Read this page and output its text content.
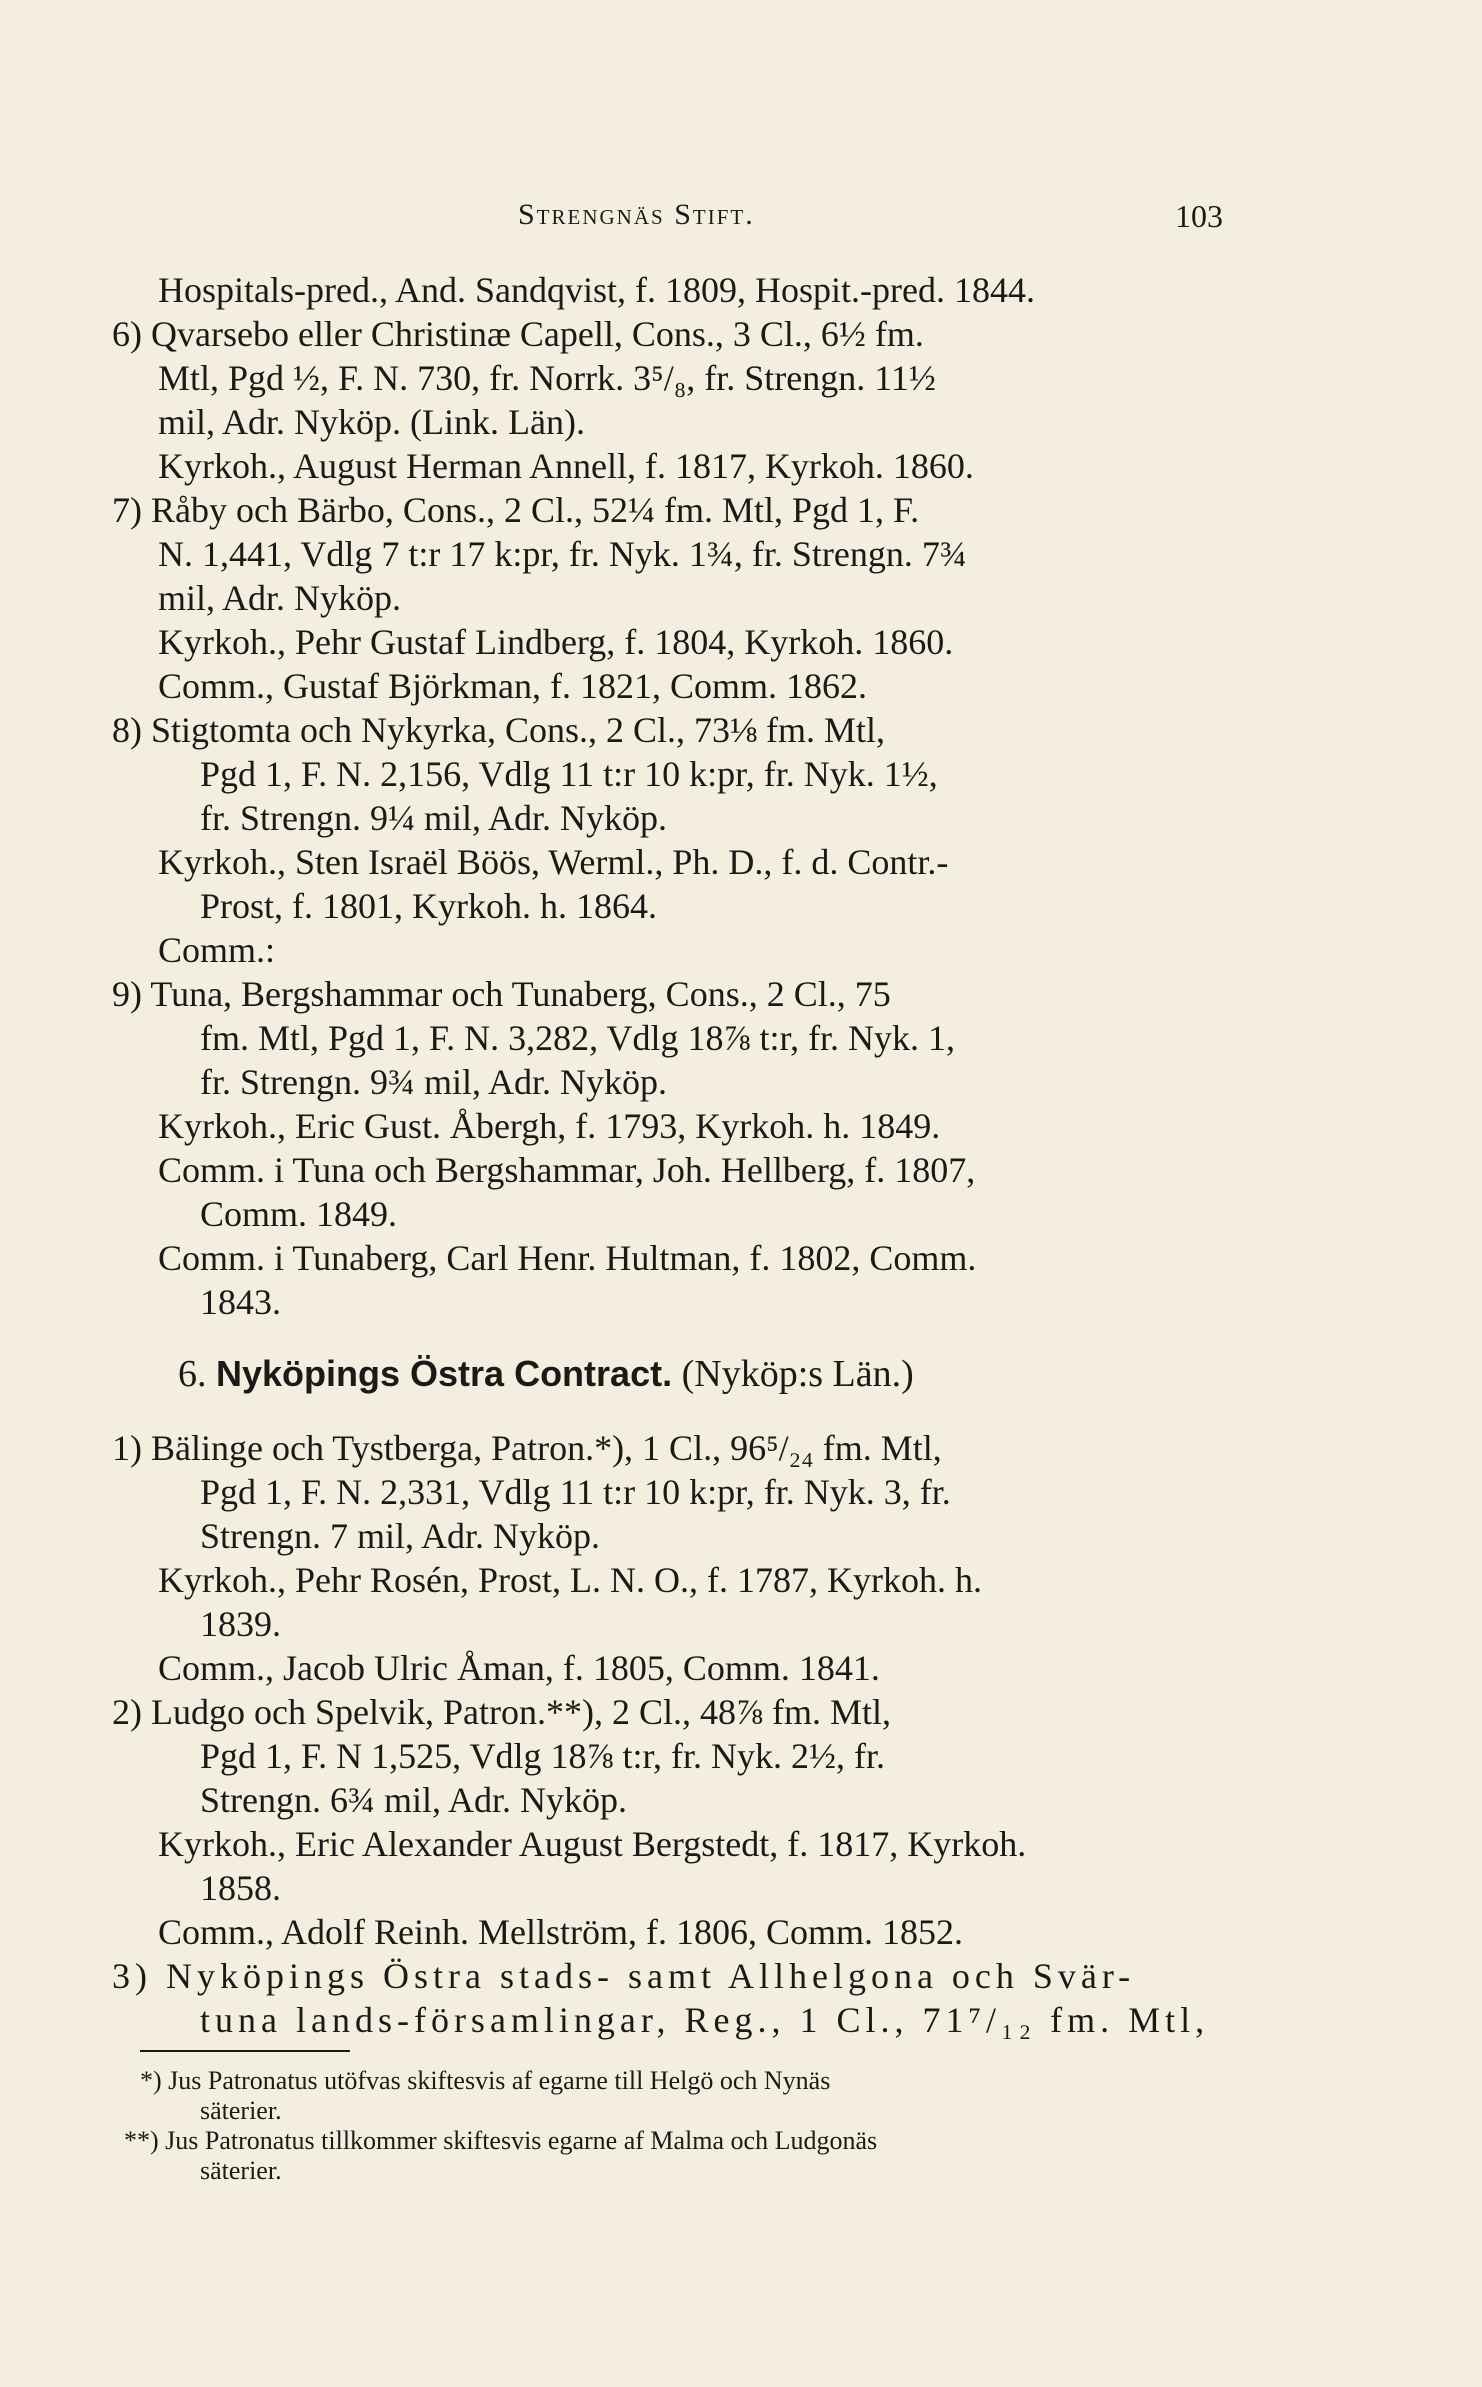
Strengnäs Stift.	103
Hospitals-pred., And. Sandqvist, f. 1809, Hospit.-pred. 1844.
6) Qvarsebo eller Christinæ Capell, Cons., 3 Cl., 6½ fm.
Mtl, Pgd ½, F. N. 730, fr. Norrk. 3⁵/₈, fr. Strengn. 11½
mil, Adr. Nyköp. (Link. Län).
Kyrkoh., August Herman Annell, f. 1817, Kyrkoh. 1860.
7) Råby och Bärbo, Cons., 2 Cl., 52¼ fm. Mtl, Pgd 1, F.
N. 1,441, Vdlg 7 t:r 17 k:pr, fr. Nyk. 1¾, fr. Strengn. 7¾
mil, Adr. Nyköp.
Kyrkoh., Pehr Gustaf Lindberg, f. 1804, Kyrkoh. 1860.
Comm., Gustaf Björkman, f. 1821, Comm. 1862.
8) Stigtomta och Nykyrka, Cons., 2 Cl., 73⅛ fm. Mtl,
Pgd 1, F. N. 2,156, Vdlg 11 t:r 10 k:pr, fr. Nyk. 1½,
fr. Strengn. 9¼ mil, Adr. Nyköp.
Kyrkoh., Sten Israël Böös, Werml., Ph. D., f. d. Contr.-
Prost, f. 1801, Kyrkoh. h. 1864.
Comm.:
9) Tuna, Bergshammar och Tunaberg, Cons., 2 Cl., 75
fm. Mtl, Pgd 1, F. N. 3,282, Vdlg 18⅞ t:r, fr. Nyk. 1,
fr. Strengn. 9¾ mil, Adr. Nyköp.
Kyrkoh., Eric Gust. Åbergh, f. 1793, Kyrkoh. h. 1849.
Comm. i Tuna och Bergshammar, Joh. Hellberg, f. 1807,
Comm. 1849.
Comm. i Tunaberg, Carl Henr. Hultman, f. 1802, Comm.
1843.
6. Nyköpings Östra Contract. (Nyköp:s Län.)
1) Bälinge och Tystberga, Patron.*), 1 Cl., 96⁵/₂₄ fm. Mtl,
Pgd 1, F. N. 2,331, Vdlg 11 t:r 10 k:pr, fr. Nyk. 3, fr.
Strengn. 7 mil, Adr. Nyköp.
Kyrkoh., Pehr Rosén, Prost, L. N. O., f. 1787, Kyrkoh. h.
1839.
Comm., Jacob Ulric Åman, f. 1805, Comm. 1841.
2) Ludgo och Spelvik, Patron.**), 2 Cl., 48⅞ fm. Mtl,
Pgd 1, F. N 1,525, Vdlg 18⅞ t:r, fr. Nyk. 2½, fr.
Strengn. 6¾ mil, Adr. Nyköp.
Kyrkoh., Eric Alexander August Bergstedt, f. 1817, Kyrkoh.
1858.
Comm., Adolf Reinh. Mellström, f. 1806, Comm. 1852.
3) Nyköpings Östra stads- samt Allhelgona och Svär-
tuna lands-församlingar, Reg., 1 Cl., 71⁷/₁₂ fm. Mtl,
*) Jus Patronatus utöfvas skiftesvis af egarne till Helgö och Nynäs
säterier.
**) Jus Patronatus tillkommer skiftesvis egarne af Malma och Ludgonäs
säterier.
